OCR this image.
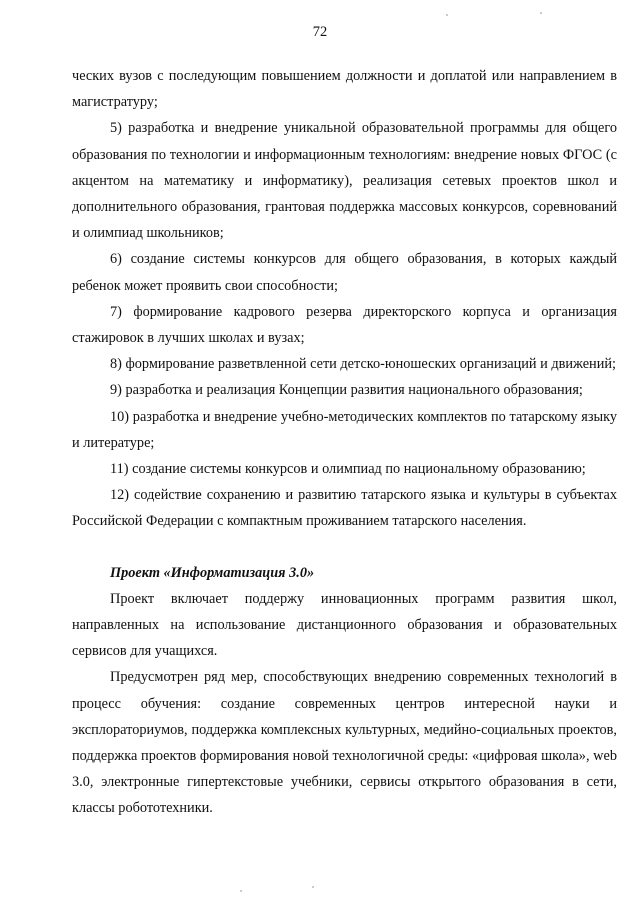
72

ческих вузов с последующим повышением должности и доплатой или направлением в магистратуру;

5) разработка и внедрение уникальной образовательной программы для общего образования по технологии и информационным технологиям: внедрение новых ФГОС (с акцентом на математику и информатику), реализация сетевых проектов школ и дополнительного образования, грантовая поддержка массовых конкурсов, соревнований и олимпиад школьников;

6) создание системы конкурсов для общего образования, в которых каждый ребенок может проявить свои способности;

7) формирование кадрового резерва директорского корпуса и организация стажировок в лучших школах и вузах;

8) формирование разветвленной сети детско-юношеских организаций и движений;

9) разработка и реализация Концепции развития национального образования;

10) разработка и внедрение учебно-методических комплектов по татарскому языку и литературе;

11) создание системы конкурсов и олимпиад по национальному образованию;

12) содействие сохранению и развитию татарского языка и культуры в субъектах Российской Федерации с компактным проживанием татарского населения.

Проект «Информатизация 3.0»

Проект включает поддержу инновационных программ развития школ, направленных на использование дистанционного образования и образовательных сервисов для учащихся.

Предусмотрен ряд мер, способствующих внедрению современных технологий в процесс обучения: создание современных центров интересной науки и эксплораториумов, поддержка комплексных культурных, медийно-социальных проектов, поддержка проектов формирования новой технологичной среды: «цифровая школа», web 3.0, электронные гипертекстовые учебники, сервисы открытого образования в сети, классы робототехники.
